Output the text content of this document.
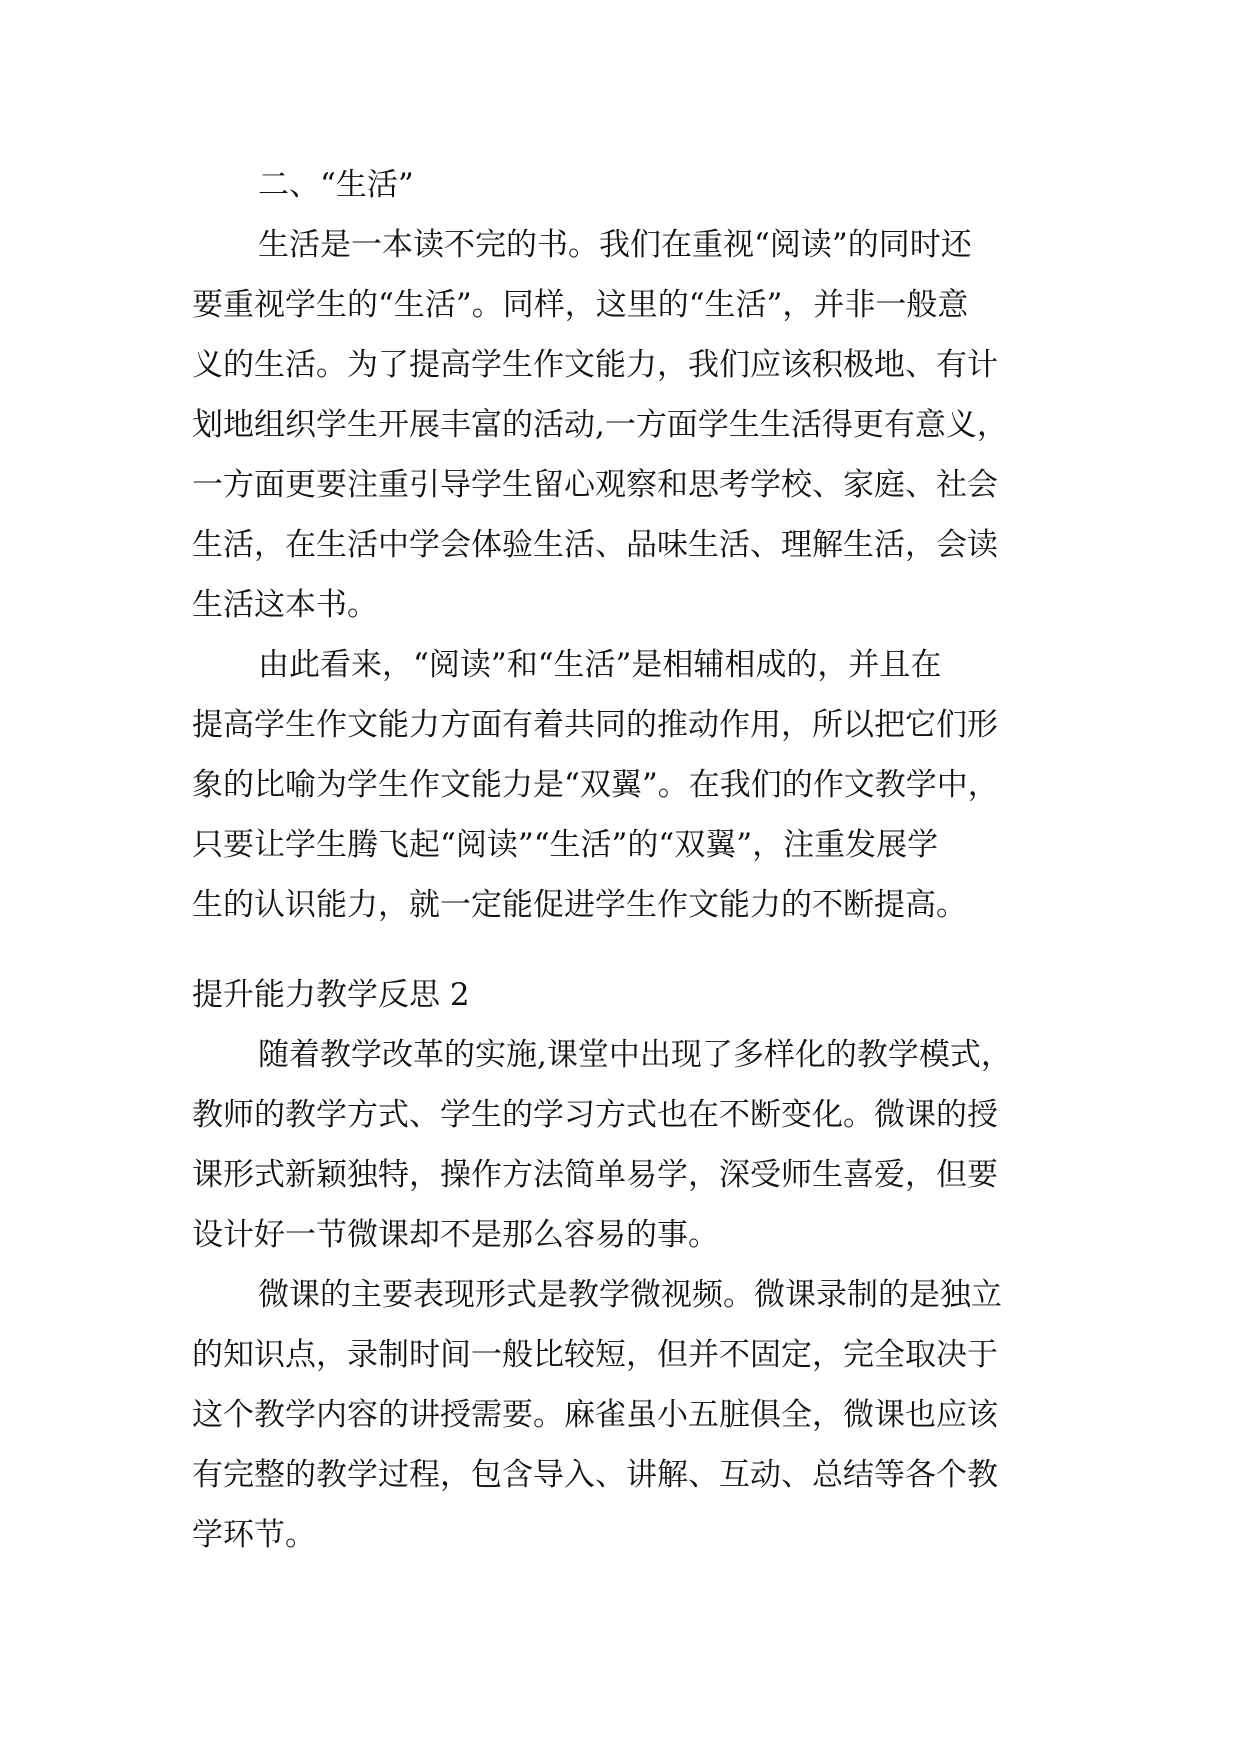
二、“生活”
生活是一本读不完的书。我们在重视“阅读”的同时还
要重视学生的“生活”。同样，这里的“生活”，并非一般意
义的生活。为了提高学生作文能力，我们应该积极地、有计
划地组织学生开展丰富的活动,一方面学生生活得更有意义，
一方面更要注重引导学生留心观察和思考学校、家庭、社会
生活，在生活中学会体验生活、品味生活、理解生活，会读
生活这本书。
由此看来，“阅读”和“生活”是相辅相成的，并且在
提高学生作文能力方面有着共同的推动作用，所以把它们形
象的比喻为学生作文能力是“双翼”。在我们的作文教学中，
只要让学生腾飞起“阅读”“生活”的“双翼”，注重发展学
生的认识能力，就一定能促进学生作文能力的不断提高。
提升能力教学反思 2
随着教学改革的实施,课堂中出现了多样化的教学模式，
教师的教学方式、学生的学习方式也在不断变化。微课的授
课形式新颖独特，操作方法简单易学，深受师生喜爱，但要
设计好一节微课却不是那么容易的事。
微课的主要表现形式是教学微视频。微课录制的是独立
的知识点，录制时间一般比较短，但并不固定，完全取决于
这个教学内容的讲授需要。麻雀虽小五脏俱全，微课也应该
有完整的教学过程，包含导入、讲解、互动、总结等各个教
学环节。
